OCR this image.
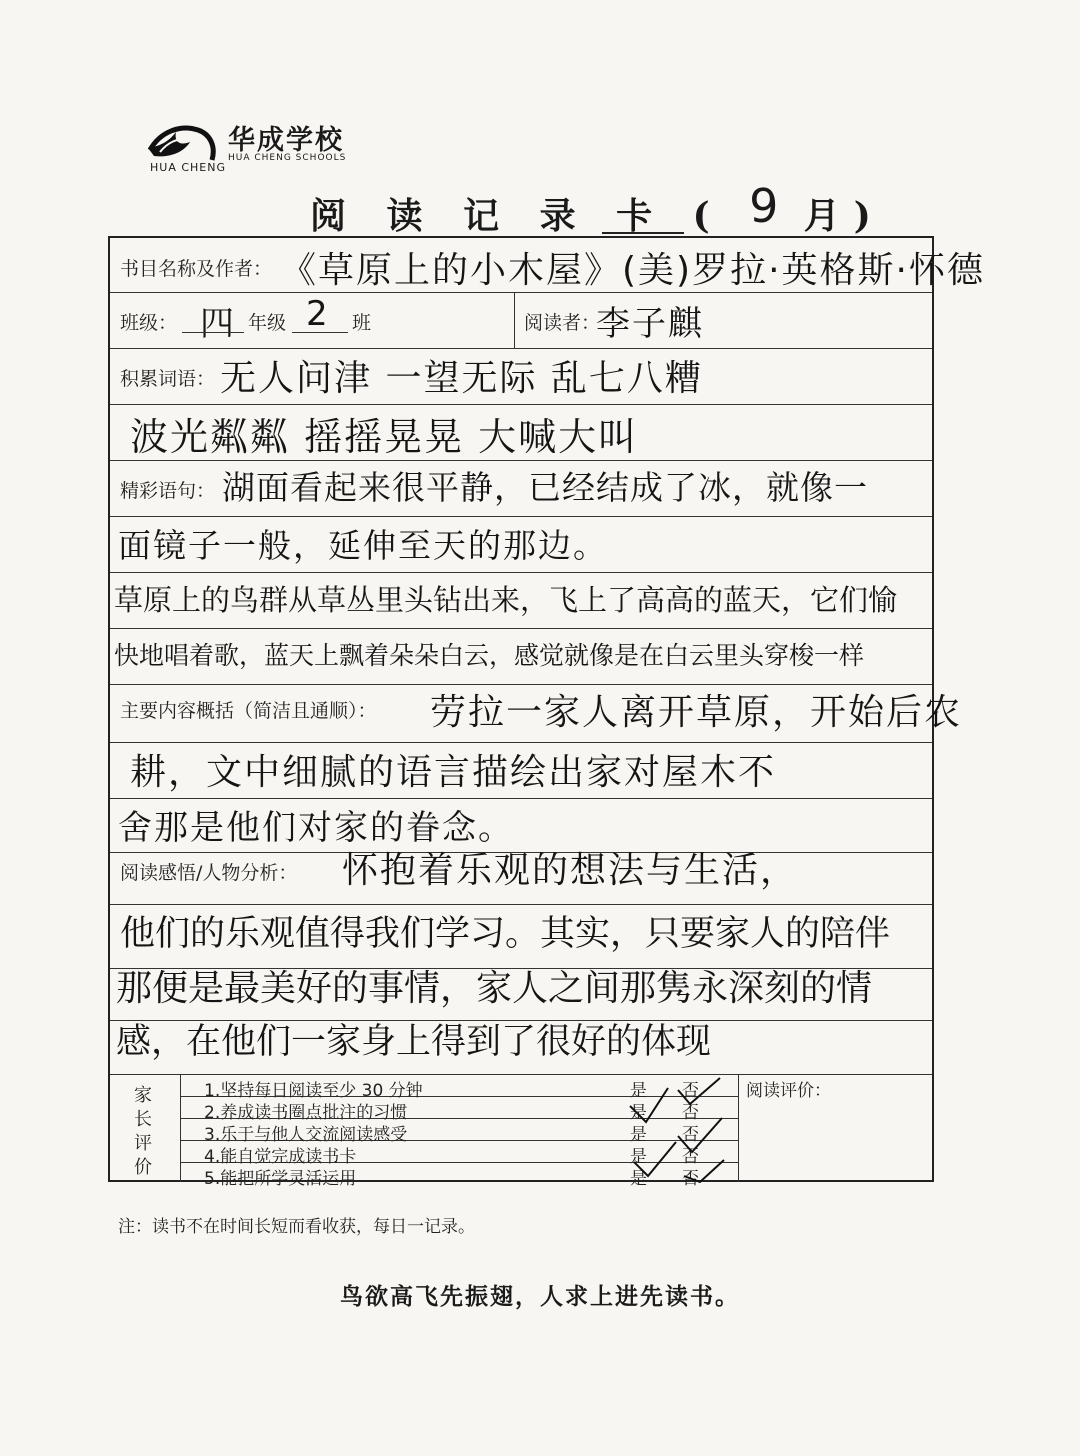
HUA CHENG
华成学校
HUA CHENG SCHOOLS
阅 读 记 录 卡 ( 9 月)
书目名称及作者： 《草原上的小木屋》(美)罗拉·英格斯·怀德
班级： 四 年级 2 班	阅读者：
李子麒
积累词语： 无人问津 一望无际 乱七八糟
波光粼粼 摇摇晃晃 大喊大叫
精彩语句： 湖面看起来很平静，已经结成了冰，就像一
面镜子一般，延伸至天的那边。
草原上的鸟群从草丛里头钻出来，飞上了高高的蓝天，它们愉
快地唱着歌，蓝天上飘着朵朵白云，感觉就像是在白云里头穿梭一样
主要内容概括（简洁且通顺）： 劳拉一家人离开草原，开始后农
耕，文中细腻的语言描绘出家对屋木不
舍那是他们对家的眷念。
阅读感悟/人物分析： 怀抱着乐观的想法与生活，
他们的乐观值得我们学习。其实，只要家人的陪伴
那便是最美好的事情，家人之间那隽永深刻的情
感，在他们一家身上得到了很好的体现
家
长
评
价
1.坚持每日阅读至少 30 分钟
2.养成读书圈点批注的习惯
3.乐于与他人交流阅读感受
4.能自觉完成读书卡
5.能把所学灵活运用
是 否
是 否
是 否
是 否
是 否
阅读评价：
注：读书不在时间长短而看收获，每日一记录。
鸟欲高飞先振翅，人求上进先读书。
